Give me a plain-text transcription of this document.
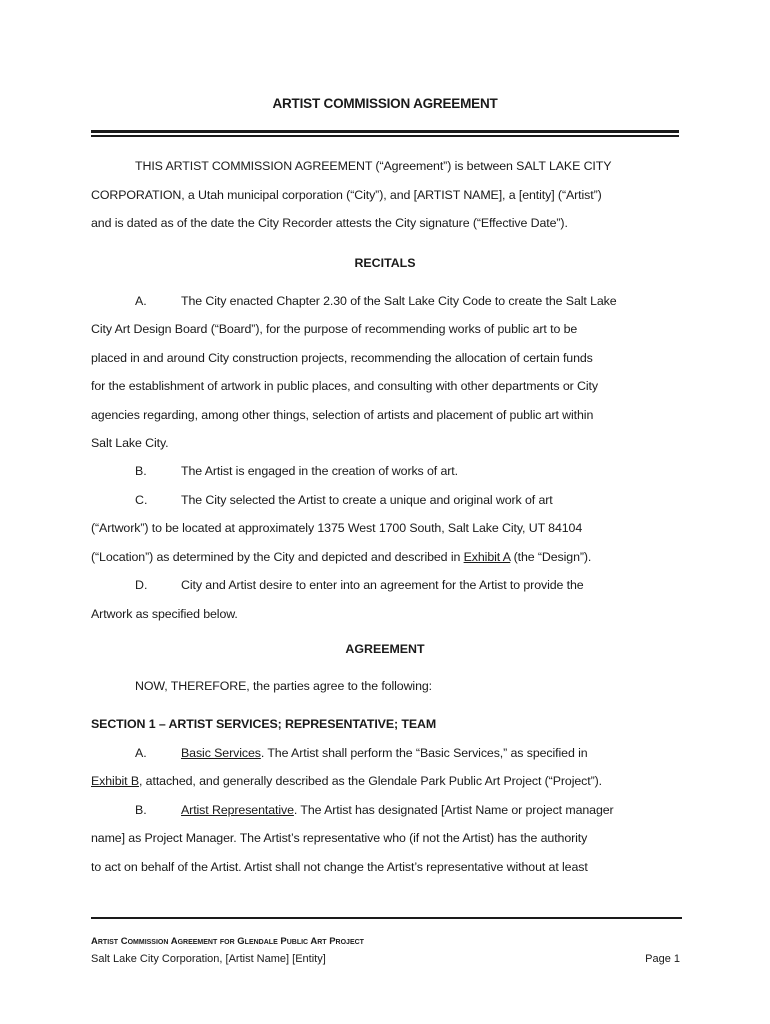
ARTIST COMMISSION AGREEMENT
THIS ARTIST COMMISSION AGREEMENT (“Agreement”) is between SALT LAKE CITY
CORPORATION, a Utah municipal corporation (“City”), and [ARTIST NAME], a [entity] (“Artist”)
and is dated as of the date the City Recorder attests the City signature (“Effective Date”).
RECITALS
A.	The City enacted Chapter 2.30 of the Salt Lake City Code to create the Salt Lake
City Art Design Board (“Board”), for the purpose of recommending works of public art to be
placed in and around City construction projects, recommending the allocation of certain funds
for the establishment of artwork in public places, and consulting with other departments or City
agencies regarding, among other things, selection of artists and placement of public art within
Salt Lake City.
B.	The Artist is engaged in the creation of works of art.
C.	The City selected the Artist to create a unique and original work of art
(“Artwork”) to be located at approximately 1375 West 1700 South, Salt Lake City, UT 84104
(“Location”) as determined by the City and depicted and described in Exhibit A (the “Design”).
D.	City and Artist desire to enter into an agreement for the Artist to provide the
Artwork as specified below.
AGREEMENT
NOW, THEREFORE, the parties agree to the following:
SECTION 1 – ARTIST SERVICES; REPRESENTATIVE; TEAM
A.	Basic Services. The Artist shall perform the “Basic Services,” as specified in
Exhibit B, attached, and generally described as the Glendale Park Public Art Project (“Project”).
B.	Artist Representative. The Artist has designated [Artist Name or project manager
name] as Project Manager. The Artist’s representative who (if not the Artist) has the authority
to act on behalf of the Artist. Artist shall not change the Artist’s representative without at least
Artist Commission Agreement for Glendale Public Art Project
Salt Lake City Corporation, [Artist Name] [Entity]	Page 1
